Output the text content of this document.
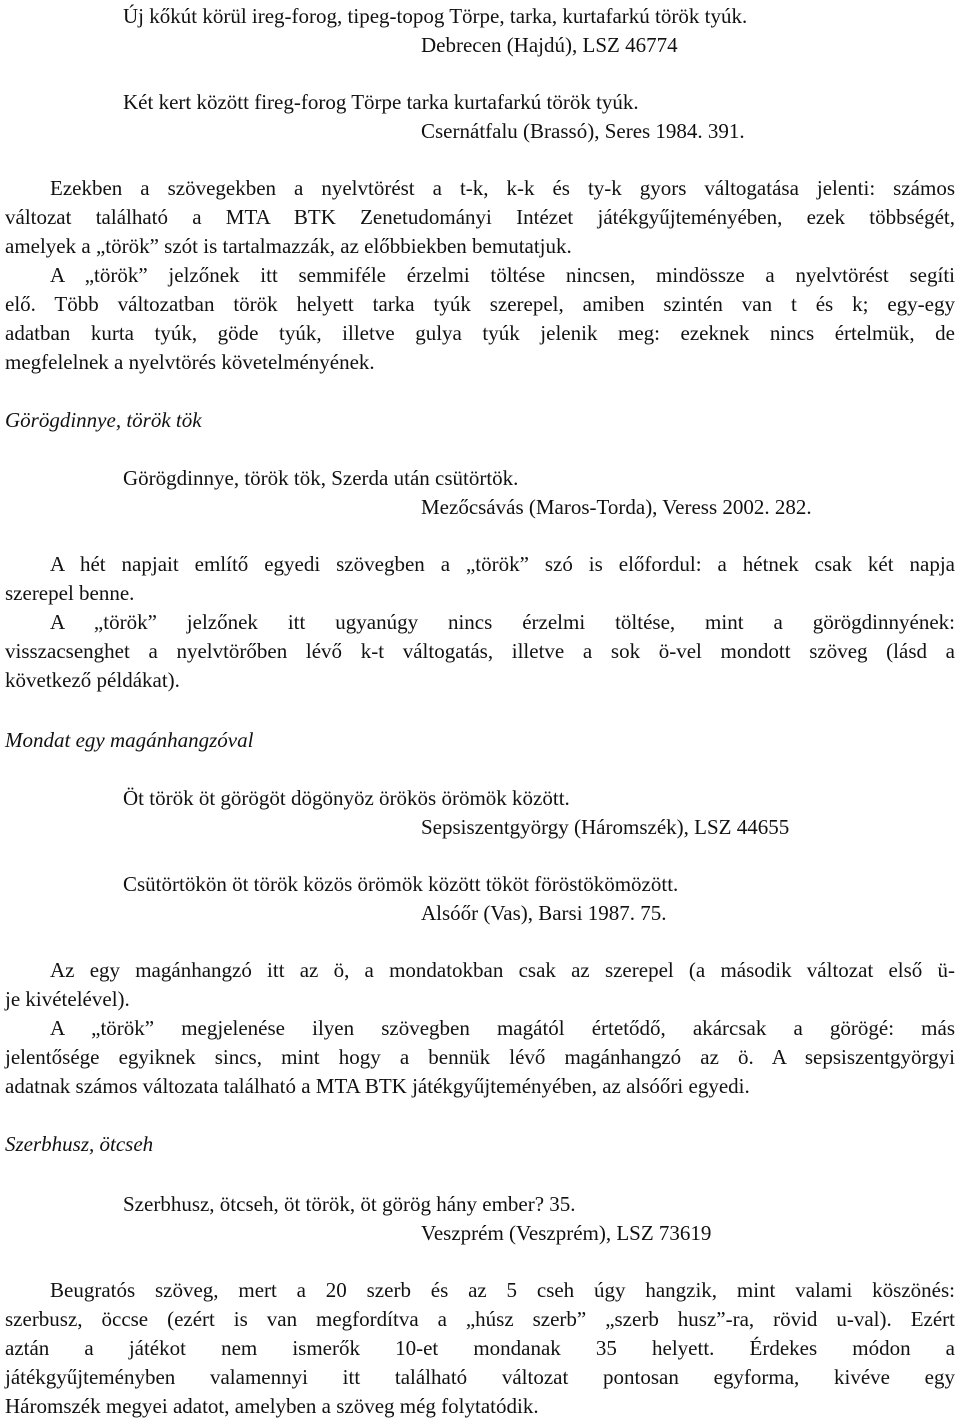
Új kőkút körül ireg-forog, tipeg-topog Törpe, tarka, kurtafarkú török tyúk.
Debrecen (Hajdú), LSZ 46774
Két kert között fireg-forog Törpe tarka kurtafarkú török tyúk.
Csernátfalu (Brassó), Seres 1984. 391.
Ezekben a szövegekben a nyelvtörést a t-k, k-k és ty-k gyors váltogatása jelenti: számos
változat található a MTA BTK Zenetudományi Intézet játékgyűjteményében, ezek többségét,
amelyek a „török” szót is tartalmazzák, az előbbiekben bemutatjuk.
A „török” jelzőnek itt semmiféle érzelmi töltése nincsen, mindössze a nyelvtörést segíti
elő. Több változatban török helyett tarka tyúk szerepel, amiben szintén van t és k; egy-egy
adatban kurta tyúk, göde tyúk, illetve gulya tyúk jelenik meg: ezeknek nincs értelmük, de
megfelelnek a nyelvtörés követelményének.
Görögdinnye, török tök
Görögdinnye, török tök, Szerda után csütörtök.
Mezőcsávás (Maros-Torda), Veress 2002. 282.
A hét napjait említő egyedi szövegben a „török” szó is előfordul: a hétnek csak két napja
szerepel benne.
A „török” jelzőnek itt ugyanúgy nincs érzelmi töltése, mint a görögdinnyének:
visszacsenghet a nyelvtörőben lévő k-t váltogatás, illetve a sok ö-vel mondott szöveg (lásd a
következő példákat).
Mondat egy magánhangzóval
Öt török öt görögöt dögönyöz örökös örömök között.
Sepsiszentgyörgy (Háromszék), LSZ 44655
Csütörtökön öt török közös örömök között tököt föröstökömözött.
Alsóőr (Vas), Barsi 1987. 75.
Az egy magánhangzó itt az ö, a mondatokban csak az szerepel (a második változat első ü-
je kivételével).
A „török” megjelenése ilyen szövegben magától értetődő, akárcsak a görögé: más
jelentősége egyiknek sincs, mint hogy a bennük lévő magánhangzó az ö. A sepsiszentgyörgyi
adatnak számos változata található a MTA BTK játékgyűjteményében, az alsóőri egyedi.
Szerbhusz, ötcseh
Szerbhusz, ötcseh, öt török, öt görög hány ember? 35.
Veszprém (Veszprém), LSZ 73619
Beugratós szöveg, mert a 20 szerb és az 5 cseh úgy hangzik, mint valami köszönés:
szerbusz, öccse (ezért is van megfordítva a „húsz szerb” „szerb husz”-ra, rövid u-val). Ezért
aztán a játékot nem ismerők 10-et mondanak 35 helyett. Érdekes módon a
játékgyűjteményben valamennyi itt található változat pontosan egyforma, kivéve egy
Háromszék megyei adatot, amelyben a szöveg még folytatódik.
